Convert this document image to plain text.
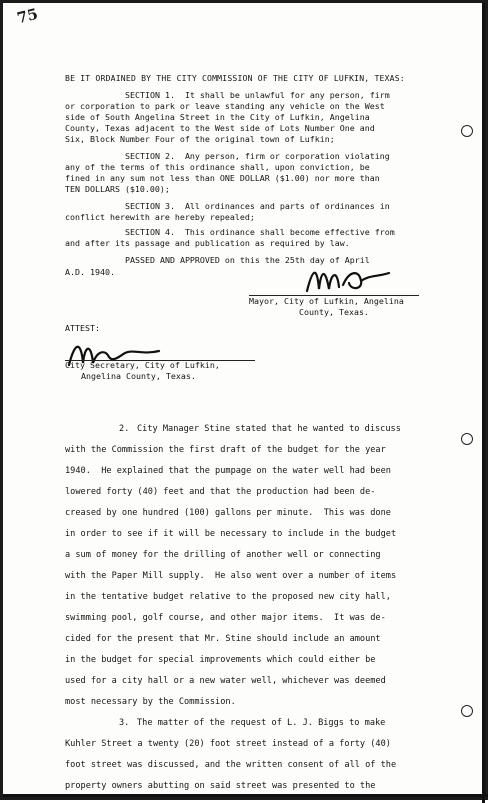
75
BE IT ORDAINED BY THE CITY COMMISSION OF THE CITY OF LUFKIN, TEXAS:
SECTION 1.  It shall be unlawful for any person, firm
or corporation to park or leave standing any vehicle on the West
side of South Angelina Street in the City of Lufkin, Angelina
County, Texas adjacent to the West side of Lots Number One and
Six, Block Number Four of the original town of Lufkin;
SECTION 2.  Any person, firm or corporation violating
any of the terms of this ordinance shall, upon conviction, be
fined in any sum not less than ONE DOLLAR ($1.00) nor more than
TEN DOLLARS ($10.00);
SECTION 3.  All ordinances and parts of ordinances in
conflict herewith are hereby repealed;
SECTION 4.  This ordinance shall become effective from
and after its passage and publication as required by law.
PASSED AND APPROVED on this the 25th day of April
A.D. 1940.
Mayor, City of Lufkin, Angelina
County, Texas.
ATTEST:
City Secretary, City of Lufkin,
Angelina County, Texas.
2. City Manager Stine stated that he wanted to discuss
with the Commission the first draft of the budget for the year
1940.  He explained that the pumpage on the water well had been
lowered forty (40) feet and that the production had been de-
creased by one hundred (100) gallons per minute.  This was done
in order to see if it will be necessary to include in the budget
a sum of money for the drilling of another well or connecting
with the Paper Mill supply.  He also went over a number of items
in the tentative budget relative to the proposed new city hall,
swimming pool, golf course, and other major items.  It was de-
cided for the present that Mr. Stine should include an amount
in the budget for special improvements which could either be
used for a city hall or a new water well, whichever was deemed
most necessary by the Commission.
3. The matter of the request of L. J. Biggs to make
Kuhler Street a twenty (20) foot street instead of a forty (40)
foot street was discussed, and the written consent of all of the
property owners abutting on said street was presented to the
